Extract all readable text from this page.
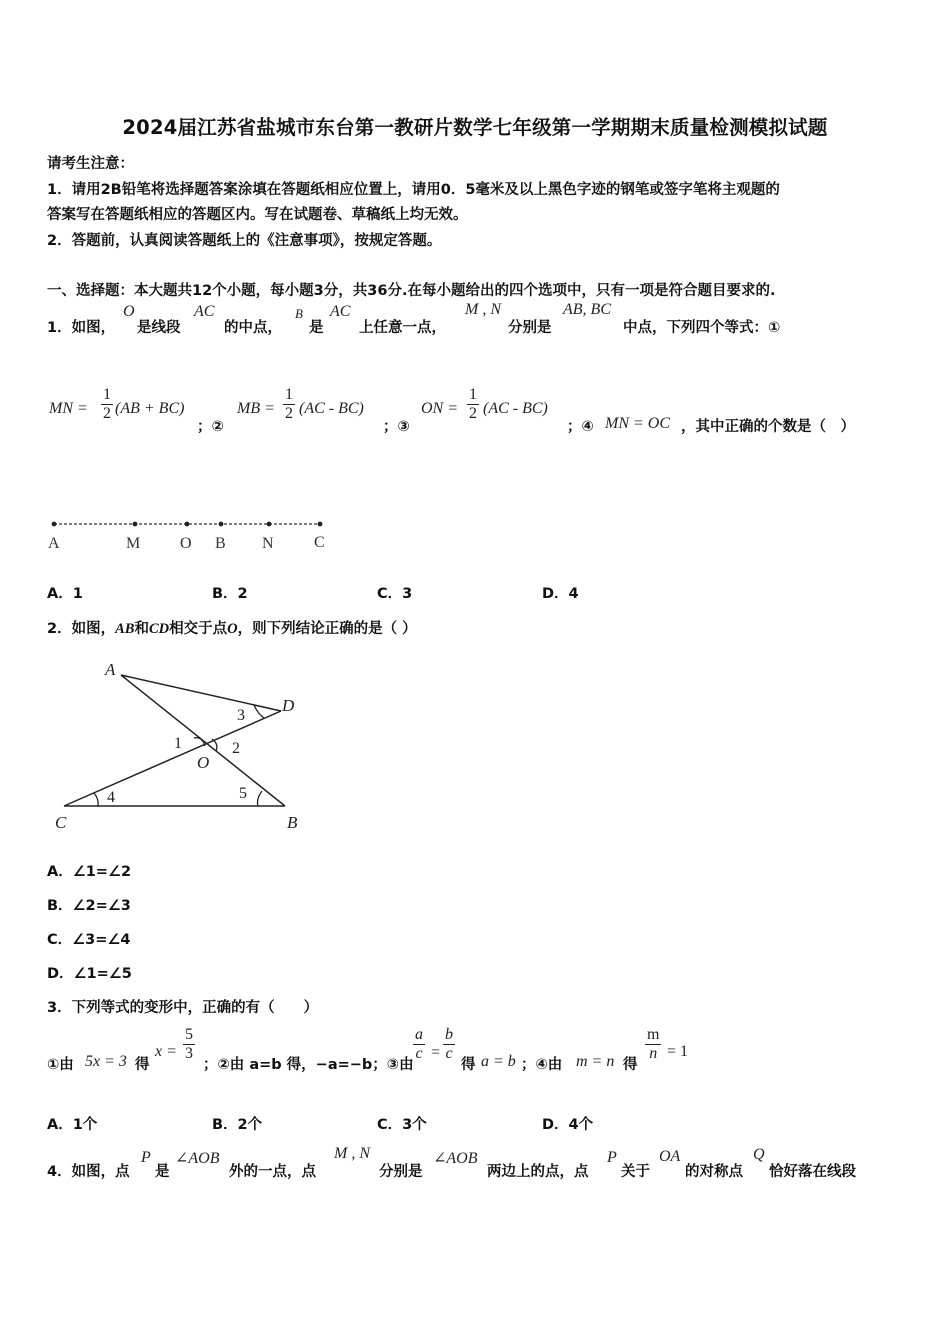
2024届江苏省盐城市东台第一教研片数学七年级第一学期期末质量检测模拟试题
请考生注意：
1．请用2B铅笔将选择题答案涂填在答题纸相应位置上，请用0．5毫米及以上黑色字迹的钢笔或签字笔将主观题的
答案写在答题纸相应的答题区内。写在试题卷、草稿纸上均无效。
2．答题前，认真阅读答题纸上的《注意事项》，按规定答题。
一、选择题：本大题共12个小题，每小题3分，共36分.在每小题给出的四个选项中，只有一项是符合题目要求的.
1．如图，
O
是线段
AC
的中点，
B
是
AC
上任意一点，
M , N
分别是
AB, BC
中点，下列四个等式：①
MN = $\frac{1}{2} (AB + BC)$
；②
MB = $\frac{1}{2} (AC - BC)$
；③
ON = $\frac{1}{2} (AC - BC)$
；④ MN = OC ，其中正确的个数是（　）
A	M O B N	C
A．1	B．2	C．3	D．4
2．如图，AB和CD相交于点O，则下列结论正确的是（ ）
A
D
O
C	B
1	2
3
4	5
A．∠1=∠2
B．∠2=∠3
C．∠3=∠4
D．∠1=∠5
3．下列等式的变形中，正确的有（　　）
①由 5x = 3 得
$x = \frac{5}{3}$
；②由 a=b 得，−a=−b；③由
$\frac{a}{c} = \frac{b}{c}$
得 a = b ；④由 m = n 得
$\frac{m}{n} = 1$
A．1个	B．2个	C．3个	D．4个
4．如图，点
P
是
∠AOB
外的一点，点
M , N
分别是
∠AOB
两边上的点，点
P
关于
OA
的对称点
Q
恰好落在线段
